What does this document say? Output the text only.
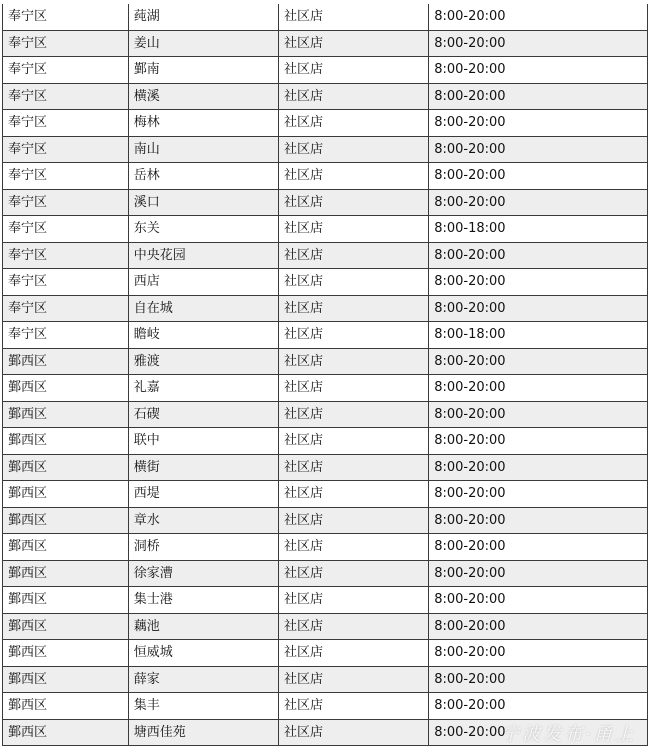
奉宁区	莼湖	社区店	8:00-20:00
奉宁区	姜山	社区店	8:00-20:00
奉宁区	鄞南	社区店	8:00-20:00
奉宁区	横溪	社区店	8:00-20:00
奉宁区	梅林	社区店	8:00-20:00
奉宁区	南山	社区店	8:00-20:00
奉宁区	岳林	社区店	8:00-20:00
奉宁区	溪口	社区店	8:00-20:00
奉宁区	东关	社区店	8:00-18:00
奉宁区	中央花园	社区店	8:00-20:00
奉宁区	西店	社区店	8:00-20:00
奉宁区	自在城	社区店	8:00-20:00
奉宁区	瞻岐	社区店	8:00-18:00
鄞西区	雅渡	社区店	8:00-20:00
鄞西区	礼嘉	社区店	8:00-20:00
鄞西区	石碶	社区店	8:00-20:00
鄞西区	联中	社区店	8:00-20:00
鄞西区	横街	社区店	8:00-20:00
鄞西区	西堤	社区店	8:00-20:00
鄞西区	章水	社区店	8:00-20:00
鄞西区	洞桥	社区店	8:00-20:00
鄞西区	徐家漕	社区店	8:00-20:00
鄞西区	集士港	社区店	8:00-20:00
鄞西区	藕池	社区店	8:00-20:00
鄞西区	恒威城	社区店	8:00-20:00
鄞西区	薛家	社区店	8:00-20:00
鄞西区	集丰	社区店	8:00-20:00
鄞西区	塘西佳苑	社区店	8:00-20:00
宁波发布·甬上
